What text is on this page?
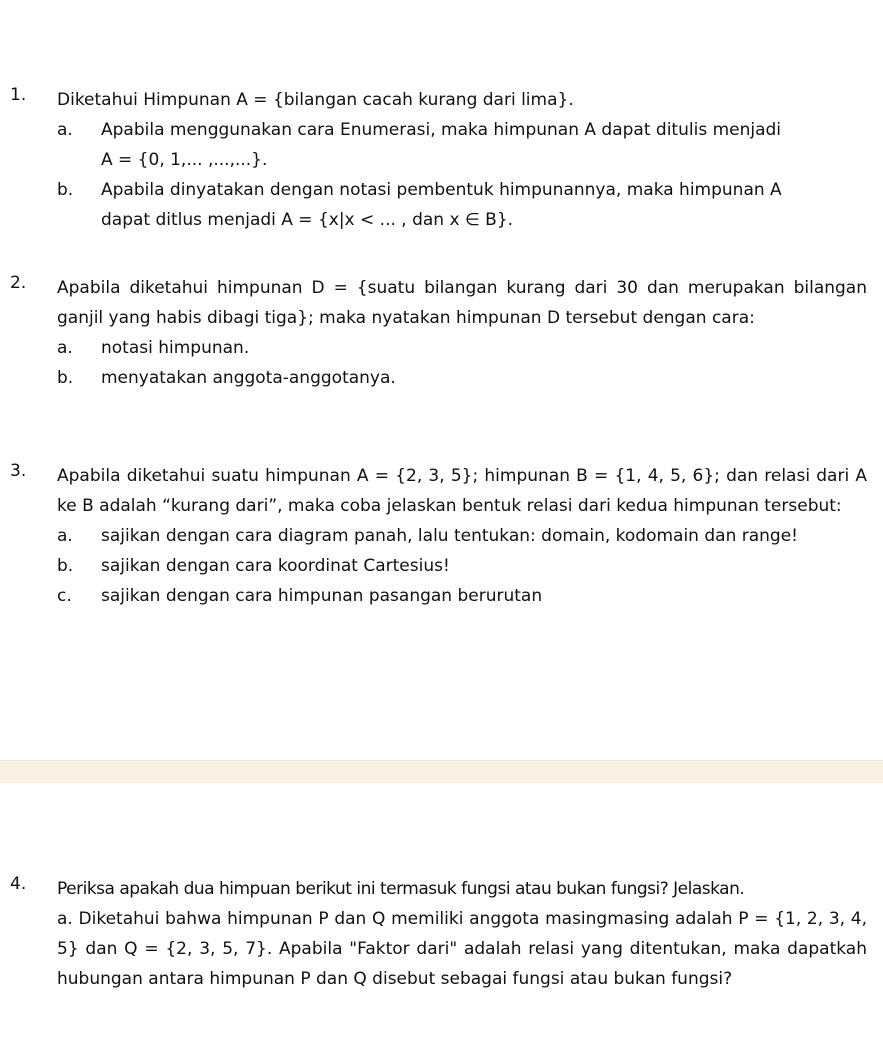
1. Diketahui Himpunan A = {bilangan cacah kurang dari lima}.
a. Apabila menggunakan cara Enumerasi, maka himpunan A dapat ditulis menjadi
A = {0, 1,... ,...,...}.
b. Apabila dinyatakan dengan notasi pembentuk himpunannya, maka himpunan A
dapat ditlus menjadi A = {x|x < ... , dan x ∈ B}.
2. Apabila diketahui himpunan D = {suatu bilangan kurang dari 30 dan merupakan bilangan ganjil yang habis dibagi tiga}; maka nyatakan himpunan D tersebut dengan cara:
a. notasi himpunan.
b. menyatakan anggota-anggotanya.
3. Apabila diketahui suatu himpunan A = {2, 3, 5}; himpunan B = {1, 4, 5, 6}; dan relasi dari A ke B adalah “kurang dari”, maka coba jelaskan bentuk relasi dari kedua himpunan tersebut:
a. sajikan dengan cara diagram panah, lalu tentukan: domain, kodomain dan range!
b. sajikan dengan cara koordinat Cartesius!
c. sajikan dengan cara himpunan pasangan berurutan
4. Periksa apakah dua himpuan berikut ini termasuk fungsi atau bukan fungsi? Jelaskan.
a. Diketahui bahwa himpunan P dan Q memiliki anggota masingmasing adalah P = {1, 2, 3, 4, 5} dan Q = {2, 3, 5, 7}. Apabila "Faktor dari" adalah relasi yang ditentukan, maka dapatkah hubungan antara himpunan P dan Q disebut sebagai fungsi atau bukan fungsi?
